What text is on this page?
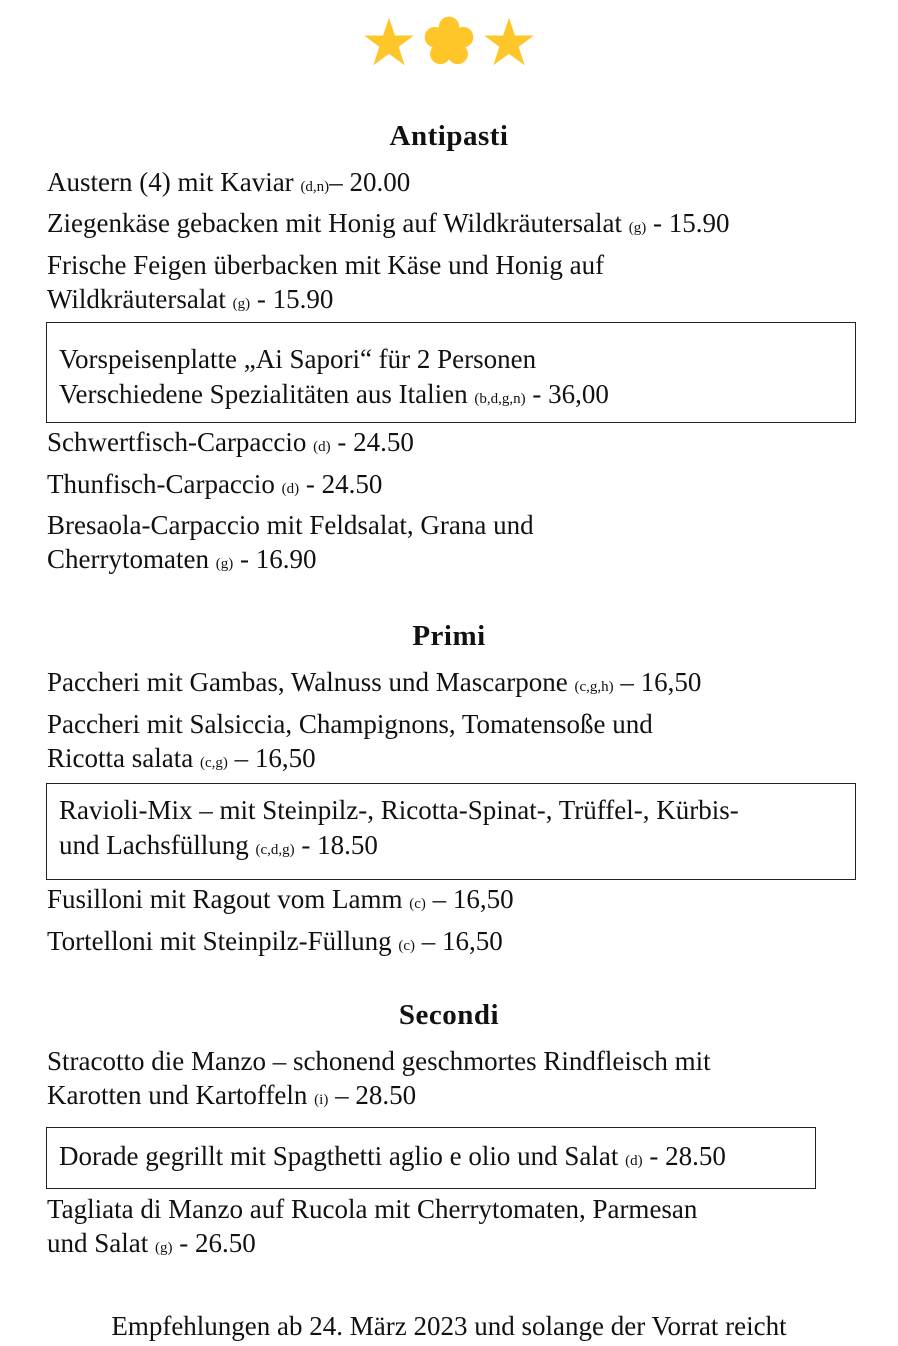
Antipasti
Austern (4) mit Kaviar (d,n)– 20.00
Ziegenkäse gebacken mit Honig auf Wildkräutersalat (g) - 15.90
Frische Feigen überbacken mit Käse und Honig auf
Wildkräutersalat (g) - 15.90
Vorspeisenplatte „Ai Sapori“ für 2 Personen
Verschiedene Spezialitäten aus Italien (b,d,g,n) - 36,00
Schwertfisch-Carpaccio (d) - 24.50
Thunfisch-Carpaccio (d) - 24.50
Bresaola-Carpaccio mit Feldsalat, Grana und
Cherrytomaten (g) - 16.90
Primi
Paccheri mit Gambas, Walnuss und Mascarpone (c,g,h) – 16,50
Paccheri mit Salsiccia, Champignons, Tomatensoße und
Ricotta salata (c,g) – 16,50
Ravioli-Mix – mit Steinpilz-, Ricotta-Spinat-, Trüffel-, Kürbis-
und Lachsfüllung (c,d,g) - 18.50
Fusilloni mit Ragout vom Lamm (c) – 16,50
Tortelloni mit Steinpilz-Füllung (c) – 16,50
Secondi
Stracotto die Manzo – schonend geschmortes Rindfleisch mit
Karotten und Kartoffeln (i) – 28.50
Dorade gegrillt mit Spagthetti aglio e olio und Salat (d) - 28.50
Tagliata di Manzo auf Rucola mit Cherrytomaten, Parmesan
und Salat (g) - 26.50
Empfehlungen ab 24. März 2023 und solange der Vorrat reicht
